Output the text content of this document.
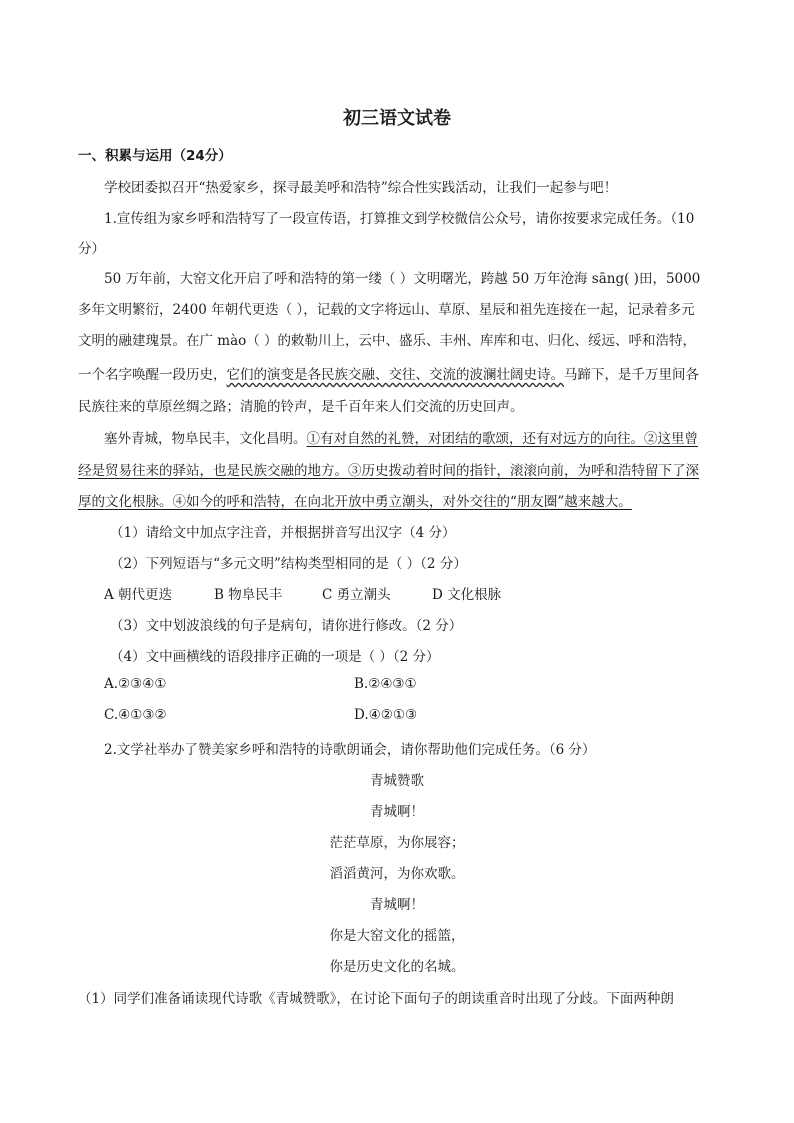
初三语文试卷
一、积累与运用（24分）
学校团委拟召开“热爱家乡，探寻最美呼和浩特”综合性实践活动，让我们一起参与吧！
1.宣传组为家乡呼和浩特写了一段宣传语，打算推文到学校微信公众号，请你按要求完成任务。（10
分）
50 万年前，大窑文化开启了呼和浩特的第一缕（ ）文明曙光，跨越 50 万年沧海 sāng( )田，5000
多年文明繁衍，2400 年朝代更迭（ ），记载的文字将远山、草原、星辰和祖先连接在一起，记录着多元
文明的融建瑰景。在广 mào（ ）的敕勒川上，云中、盛乐、丰州、库库和屯、归化、绥远、呼和浩特，
一个名字唤醒一段历史，它们的演变是各民族交融、交往、交流的波澜壮阔史诗。马蹄下，是千万里间各
民族往来的草原丝绸之路；清脆的铃声，是千百年来人们交流的历史回声。
塞外青城，物阜民丰，文化昌明。①有对自然的礼赞，对团结的歌颂，还有对远方的向往。②这里曾
经是贸易往来的驿站，也是民族交融的地方。③历史拨动着时间的指针，滚滚向前，为呼和浩特留下了深
厚的文化根脉。④如今的呼和浩特，在向北开放中勇立潮头，对外交往的“朋友圈”越来越大。
（1）请给文中加点字注音，并根据拼音写出汉字（4 分）
（2）下列短语与“多元文明”结构类型相同的是（ ）（2 分）
A 朝代更迭	B 物阜民丰	C 勇立潮头	D 文化根脉
（3）文中划波浪线的句子是病句，请你进行修改。（2 分）
（4）文中画横线的语段排序正确的一项是（ ）（2 分）
A.②③④①	B.②④③①
C.④①③②	D.④②①③
2.文学社举办了赞美家乡呼和浩特的诗歌朗诵会，请你帮助他们完成任务。（6 分）
青城赞歌
青城啊！
茫茫草原，为你展容；
滔滔黄河，为你欢歌。
青城啊！
你是大窑文化的摇篮，
你是历史文化的名城。
（1）同学们准备诵读现代诗歌《青城赞歌》，在讨论下面句子的朗读重音时出现了分歧。下面两种朗
